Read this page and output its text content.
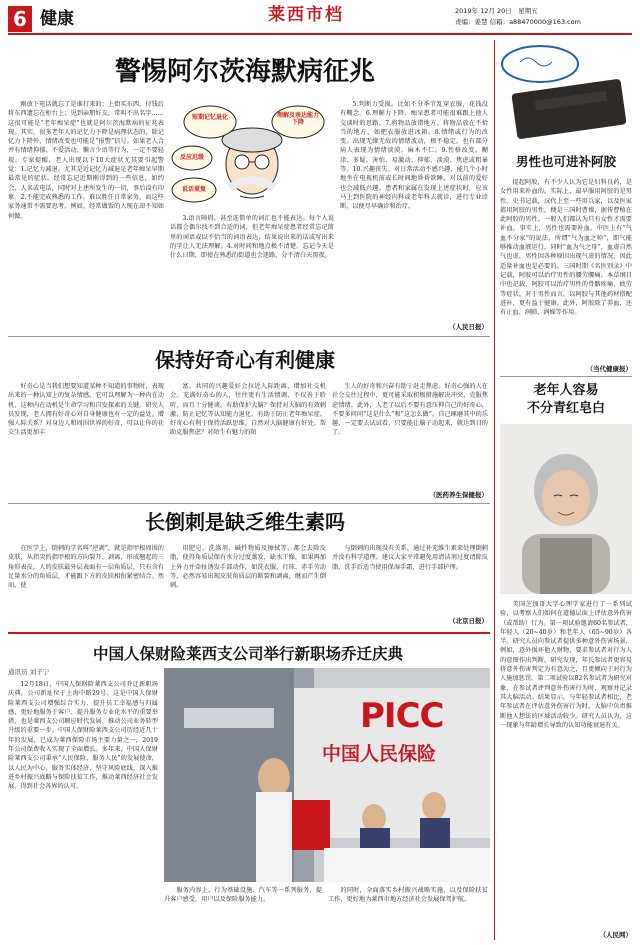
6 健康	莱西市档	2019年 12月 20日　星期五
责编：姜慧 信箱：a88470000@163.com
警惕阿尔茨海默病征兆

刚放下电话就忘了是谁打来的；上街买东西，付钱后将东西遗忘在柜台上；见到亲朋好友，常叫不出名字……这很可能是“老年痴呆症”也就是阿尔茨海默病的征兆表现。其实，很多老年人的记忆力下降是病理状态的，除记忆力下降外，情绪改变也可能是“报警”信号。如果老人合并有情绪抑郁、不爱活动、懒言少语等行为，一定不要轻视。专家提醒，老人出现以下10大症状尤其要引起警觉：1.记忆力减退。尤其是近记忆力减退是老年痴呆早期最常见的症状。经常忘记近期刚得到的一些信息，如约会、人名或电话，同时对上述所发生的一切，事后没有印象。2.不能完成熟悉的工作。难以胜任日常家务，而这些家务通常不需要思考。例如，经常做饭的人现在却不知如何做。

短期记忆退化	理解及表达能力下降
反应迟缓
说话重复

3.语言障碍。甚至连简单的词汇也不能表达。每个人说话都会偶尔找不到合适的词，但老年痴呆症患者经常忘记简单的词语或以不恰当的词语表达，结果说出来的话或写出来的字让人无法理解。4.对时间和地点极不清楚。忘记今天是什么日期，即使在熟悉的街道也会迷路，分不清白天黑夜。

5.判断力受损。比如不分季节乱穿衣服，花钱没有概念。6.理解力下降。痴呆患者可能很难跟上他人交谈时的思路。7.将物品放错地方。将物品放在不恰当的地方，如把衣服放进冰箱。8.情绪或行为的改变。出现无缘无故的情绪波动，极不稳定，也有部分病人表现为情绪淡漠，麻木不仁。9.性格改变。糊涂、多疑、害怕、易激动、抑郁、淡漠、焦虑或粗暴等。10.兴趣丧失。对日常活动不感兴趣，能几个小时地坐在电视机前或长时间地昏昏欲睡，对以前的爱好也会减低兴趣。患者和家属在发现上述症状时，应该马上到医院的神经内科或老年科去就诊，进行专业诊断，以便尽早确诊和治疗。

（人民日报）
保持好奇心有利健康

好奇心是当我们想要知道某种不知道的事物时，表现出来的一种认知上的复杂情感。它可以理解为一种内在动机，这种内在动机是生命学习和自发探索的关键。研究人员发现，老人拥有好奇心对自身健康也有一定的益处。增强人际关系？对身边人和周围世界的好奇，可以让你的社交生活更加丰

富。共同的兴趣爱好会拉近人际距离，增加社交机会。充满好奇心的人，往往更有生活情调，不仅善于聆听，而且十分健谈。有助保护大脑？保持对大脑的有效刺激，防止记忆等认知能力退化，有助于防止老年痴呆症。好奇心有利于保持活跃思维，自然对大脑健康有好处。帮助克服焦虑？对陌生有魅力的陌

生人的好奇和兴奋有助于赶走焦虑。好奇心强的人在社会交往过程中，更可能采取积极措施解决冲突，克服焦虑情绪。此外，人老了以后不要有意压抑自己的好奇心，不要多问问“这是什么”和“这怎么做”，自己琢磨其中的乐趣，一定要去试试看，只要能让脑子动起来，就达到目的了。

（医药养生保健报）
长倒刺是缺乏维生素吗

在医学上，倒刺的学名叫“逆剥”，就是指甲根周围的皮肤，从指尖的指甲根的方向裂开、剥离，形成翘起的三角形表皮。人的皮肤最外层表面有一层角质层，只有含有足量水分的角质层，才能跟下方的皮肤相衔紧密结合。然而，使

用肥皂、洗涤剂、碱性物质及擦拭等，都会去除皮脂，使得角质层保有水分过度蒸发，缺水干燥，如果再加上外力并牵扯诱发手部动作，如洗衣服、打球、赤手劳动等，必然容易出现皮肤角质层的断裂和剥离，继而产生倒刺。

与倒刺的出现没有关系，通过补充维生素来处理倒刺并没有科学道理。建议大家平常避免用清洁剂过度清除皮脂，洗手后适当使用保湿手霜，进行手部护理。

（北京日报）
中国人保财险莱西支公司举行新职场乔迁庆典
通讯员 刘子宁

12月18日，中国人保财险莱西支公司乔迁新职场庆典，公司新址位于上海中路29号。这是中国人保财险莱西支公司增强综合实力、提升员工幸福感与归属感、更好地服务于客户、提升服务专业化水平的重要举措，也是莱西支公司顺应时代发展、推动公司业务转型升级的重要一步。中国人保财险莱西支公司历经近几十年的发展，已成为莱西保险市场主要力量之一，2019年公司保费收入实现了全面增长。多年来，中国人保财险莱西支公司秉承“人民保险，服务人民”的发展使命，以人民为中心，服务实体经济，坚守风险底线，深入推进乡村振兴战略与保险扶贫工作，推动莱西经济社会发展，得到社会各界的认可。

PICC
中国人民保险

服务内容上，行为基础设施、汽车等一系列服务，提升客户感受，用户以及保险服务能力。

的同时，全面落实乡村振兴战略实施，以及保险扶贫工作，更好地为莱西市地方经济社会发展保驾护航。

男性也可进补阿胶

提起阿胶，有不少人认为它是妇科良药，是女性用来补血的。实际上，最早服用阿胶的是男性。史书记载，汉代上至一些用兵家，以及医家都用阿胶的男性，便是三国时曹操，据传曹植在此阿胶的男性。一般人们都认为只有女性才需要补血，事实上，男性也需要补血。中医上有“气血不分家”的说法，所谓“气为血之帅”，即气能够推动血液运行，同时“血为气之母”，血虚自然气也虚，男性因各种原因出现气虚的情况，因此适量补血也是必要的。三国时期《名医别录》中记载，阿胶可以治疗男性的腰劳腰痛。本草纲目中也记载，阿胶可以治疗男性的骨骼疼痛、疲劳等症状。对于男性而言，以阿胶与其他药材搭配进补，更有益于健康。此外，阿胶除了养血，还有止血、润肺、润燥等作用。

（当代健康报）
老年人容易
不分青红皂白

美国芝加哥大学心理学家进行了一系列试验，以考察人们如何在道德层面上评估意外伤害（或帮助）行为。第一项试验邀请60名参试者，年轻人（20~40岁）和老年人（65~90岁）各半。研究人员向参试者提供多种意外伤害场景，例如，意外损坏他人财物，要求参试者对行为人的意图作出判断。研究发现，年长参试者更容易将意外伤害判定为有意为之，且更倾向于对行为人施加惩罚。第二项试验以82名参试者为研究对象，在参试者评判意外伤害行为时，观察并记录其大脑活动。结果显示，与年轻参试者相比，老年参试者在评估意外伤害行为时，大脑中负责推断他人想法的区域活动较少。研究人员认为，这一现象与年龄增长导致的认知功能衰退有关。

（人民网）
